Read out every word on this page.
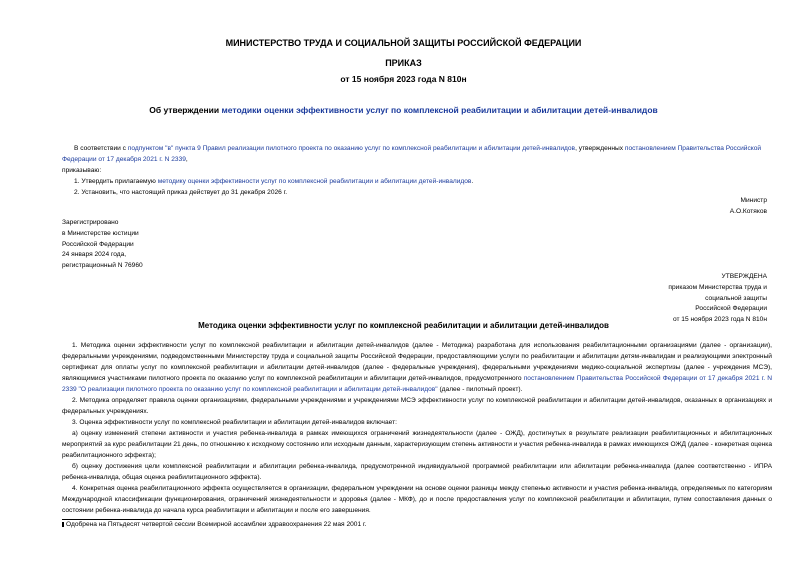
МИНИСТЕРСТВО ТРУДА И СОЦИАЛЬНОЙ ЗАЩИТЫ РОССИЙСКОЙ ФЕДЕРАЦИИ
ПРИКАЗ
от 15 ноября 2023 года N 810н
Об утверждении методики оценки эффективности услуг по комплексной реабилитации и абилитации детей-инвалидов
В соответствии с подпунктом "в" пункта 9 Правил реализации пилотного проекта по оказанию услуг по комплексной реабилитации и абилитации детей-инвалидов, утвержденных постановлением Правительства Российской Федерации от 17 декабря 2021 г. N 2339,
приказываю:
1. Утвердить прилагаемую методику оценки эффективности услуг по комплексной реабилитации и абилитации детей-инвалидов.
2. Установить, что настоящий приказ действует до 31 декабря 2026 г.
Министр
А.О.Котяков
Зарегистрировано
в Министерстве юстиции
Российской Федерации
24 января 2024 года,
регистрационный N 76960
УТВЕРЖДЕНА
приказом Министерства труда и
социальной защиты
Российской Федерации
от 15 ноября 2023 года N 810н
Методика оценки эффективности услуг по комплексной реабилитации и абилитации детей-инвалидов

1. Методика оценки эффективности услуг по комплексной реабилитации и абилитации детей-инвалидов (далее - Методика) разработана для использования реабилитационными организациями (далее - организации), федеральными учреждениями, подведомственными Министерству труда и социальной защиты Российской Федерации, предоставляющими услуги по реабилитации и абилитации детям-инвалидам и реализующими электронный сертификат для оплаты услуг по комплексной реабилитации и абилитации детей-инвалидов (далее - федеральные учреждения), федеральными учреждениями медико-социальной экспертизы (далее - учреждения МСЭ), являющимися участниками пилотного проекта по оказанию услуг по комплексной реабилитации и абилитации детей-инвалидов, предусмотренного постановлением Правительства Российской Федерации от 17 декабря 2021 г. N 2339 "О реализации пилотного проекта по оказанию услуг по комплексной реабилитации и абилитации детей-инвалидов" (далее - пилотный проект).

2. Методика определяет правила оценки организациями, федеральными учреждениями и учреждениями МСЭ эффективности услуг по комплексной реабилитации и абилитации детей-инвалидов, оказанных в организациях и федеральных учреждениях.

3. Оценка эффективности услуг по комплексной реабилитации и абилитации детей-инвалидов включает:

а) оценку изменений степени активности и участия ребенка-инвалида в рамках имеющихся ограничений жизнедеятельности (далее - ОЖД), достигнутых в результате реализации реабилитационных и абилитационных мероприятий за курс реабилитации 21 день, по отношению к исходному состоянию или исходным данным, характеризующим степень активности и участия ребенка-инвалида в рамках имеющихся ОЖД (далее - конкретная оценка реабилитационного эффекта);

б) оценку достижения цели комплексной реабилитации и абилитации ребенка-инвалида, предусмотренной индивидуальной программой реабилитации или абилитации ребенка-инвалида (далее соответственно - ИПРА ребенка-инвалида, общая оценка реабилитационного эффекта).

4. Конкретная оценка реабилитационного эффекта осуществляется в организации, федеральном учреждении на основе оценки разницы между степенью активности и участия ребенка-инвалида, определяемых по категориям Международной классификации функционирования, ограничений жизнедеятельности и здоровья (далее - МКФ), до и после предоставления услуг по комплексной реабилитации и абилитации, путем сопоставления данных о состоянии ребенка-инвалида до начала курса реабилитации и абилитации и после его завершения.

Одобрена на Пятьдесят четвертой сессии Всемирной ассамблеи здравоохранения 22 мая 2001 г.
